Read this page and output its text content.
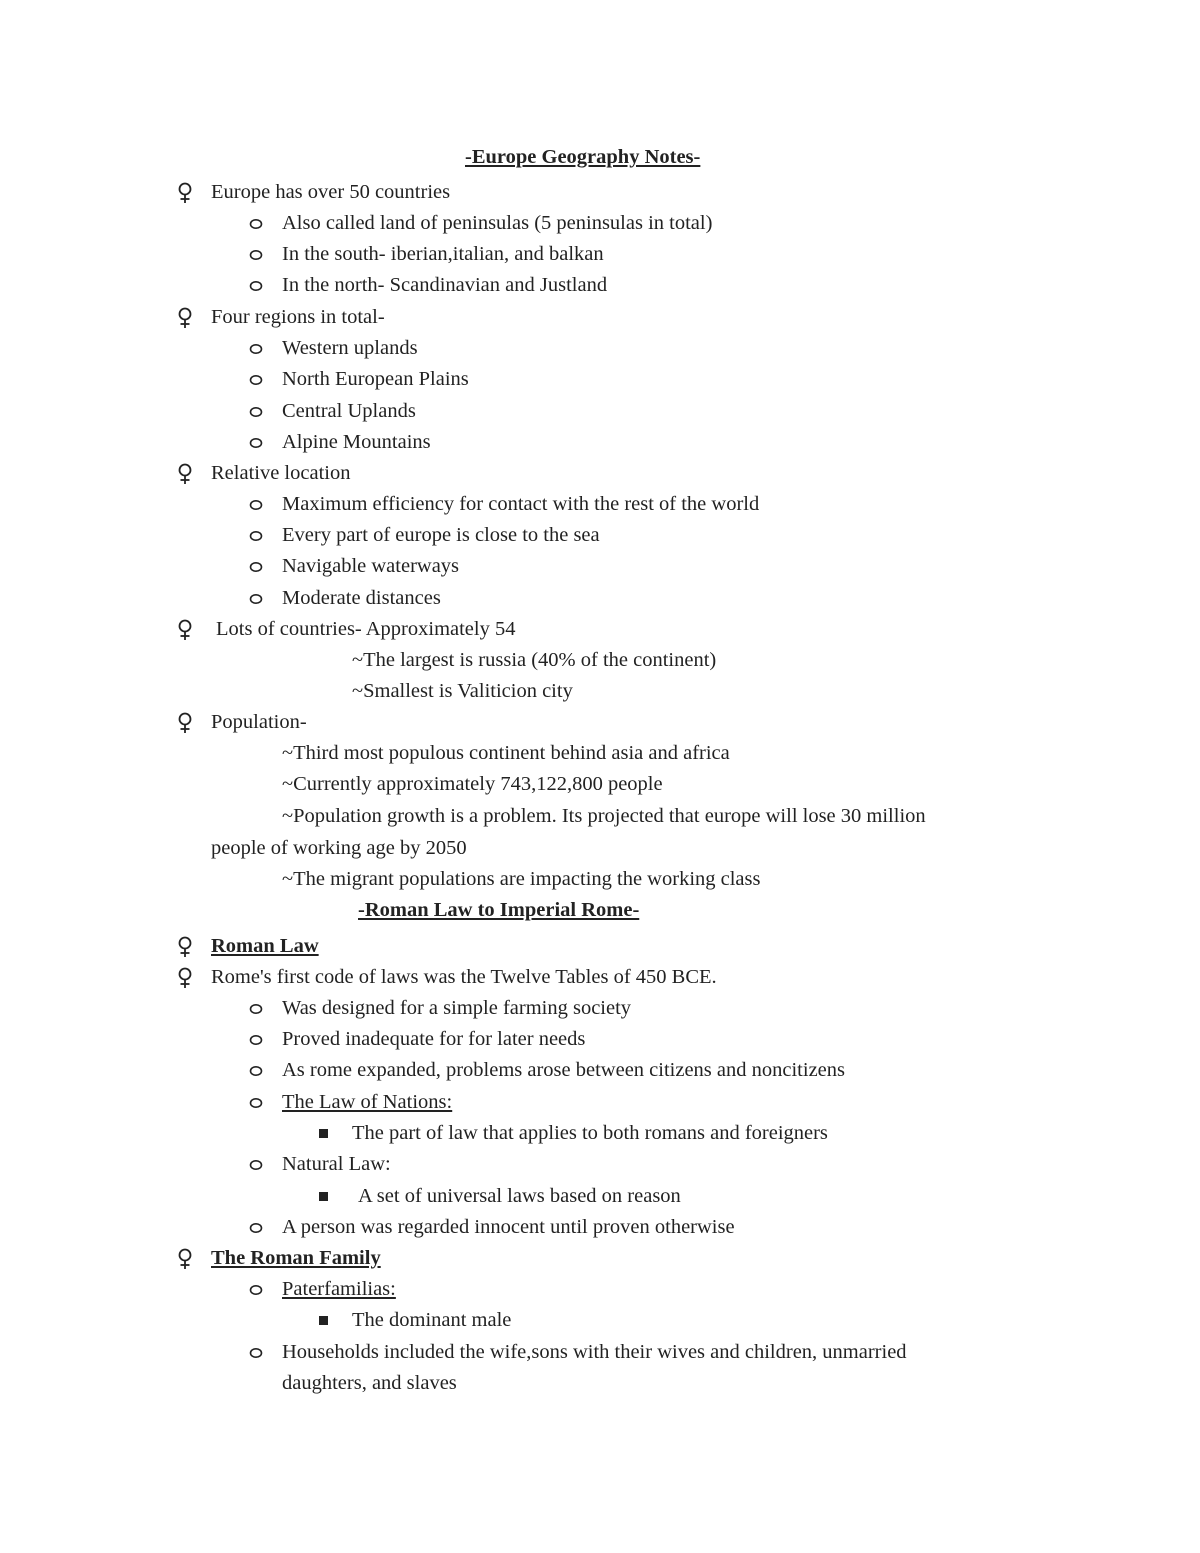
-Europe Geography Notes-
Europe has over 50 countries
Also called land of peninsulas (5 peninsulas in total)
In the south- iberian,italian, and balkan
In the north- Scandinavian and Justland
Four regions in total-
Western uplands
North European Plains
Central Uplands
Alpine Mountains
Relative location
Maximum efficiency for contact with the rest of the world
Every part of europe is close to the sea
Navigable waterways
Moderate distances
Lots of countries- Approximately 54
~The largest is russia (40% of the continent)
~Smallest is Valiticion city
Population-
~Third most populous continent behind asia and africa
~Currently approximately 743,122,800 people
~Population growth is a problem. Its projected that europe will lose 30 million
people of working age by 2050
~The migrant populations are impacting the working class
-Roman Law to Imperial Rome-
Roman Law
Rome's first code of laws was the Twelve Tables of 450 BCE.
Was designed for a simple farming society
Proved inadequate for for later needs
As rome expanded, problems arose between citizens and noncitizens
The Law of Nations:
The part of law that applies to both romans and foreigners
Natural Law:
A set of universal laws based on reason
A person was regarded innocent until proven otherwise
The Roman Family
Paterfamilias:
The dominant male
Households included the wife,sons with their wives and children, unmarried
daughters, and slaves
